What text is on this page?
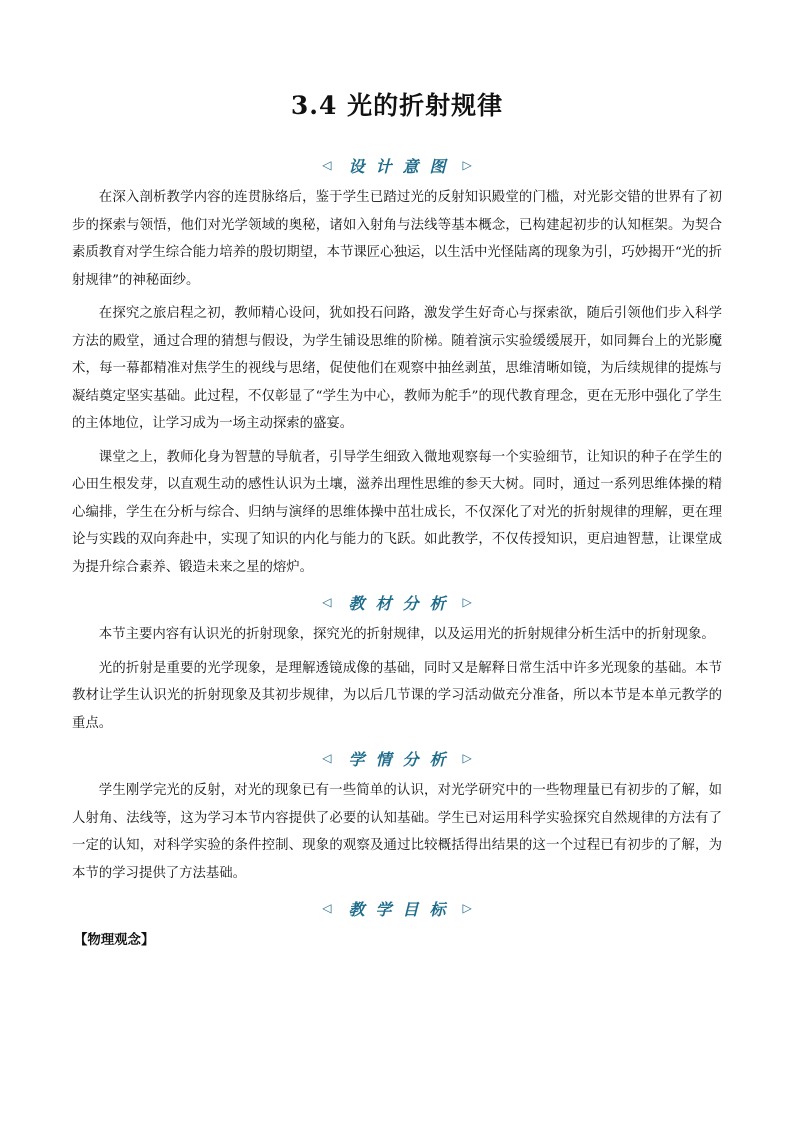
3.4 光的折射规律
◁	设计意图 ▷

在深入剖析教学内容的连贯脉络后，鉴于学生已踏过光的反射知识殿堂的门槛，对光影交错的世界有了初步的探索与领悟，他们对光学领域的奥秘，诸如入射角与法线等基本概念，已构建起初步的认知框架。为契合素质教育对学生综合能力培养的殷切期望，本节课匠心独运，以生活中光怪陆离的现象为引，巧妙揭开“光的折射规律”的神秘面纱。

在探究之旅启程之初，教师精心设问，犹如投石问路，激发学生好奇心与探索欲，随后引领他们步入科学方法的殿堂，通过合理的猜想与假设，为学生铺设思维的阶梯。随着演示实验缓缓展开，如同舞台上的光影魔术，每一幕都精准对焦学生的视线与思绪，促使他们在观察中抽丝剥茧，思维清晰如镜，为后续规律的提炼与凝结奠定坚实基础。此过程，不仅彰显了“学生为中心，教师为舵手”的现代教育理念，更在无形中强化了学生的主体地位，让学习成为一场主动探索的盛宴。

课堂之上，教师化身为智慧的导航者，引导学生细致入微地观察每一个实验细节，让知识的种子在学生的心田生根发芽，以直观生动的感性认识为土壤，滋养出理性思维的参天大树。同时，通过一系列思维体操的精心编排，学生在分析与综合、归纳与演绎的思维体操中茁壮成长，不仅深化了对光的折射规律的理解，更在理论与实践的双向奔赴中，实现了知识的内化与能力的飞跃。如此教学，不仅传授知识，更启迪智慧，让课堂成为提升综合素养、锻造未来之星的熔炉。

◁	教材分析 ▷

本节主要内容有认识光的折射现象，探究光的折射规律，以及运用光的折射规律分析生活中的折射现象。

光的折射是重要的光学现象，是理解透镜成像的基础，同时又是解释日常生活中许多光现象的基础。本节教材让学生认识光的折射现象及其初步规律，为以后几节课的学习活动做充分准备，所以本节是本单元教学的重点。

◁	学情分析 ▷

学生刚学完光的反射，对光的现象已有一些简单的认识，对光学研究中的一些物理量已有初步的了解，如人射角、法线等，这为学习本节内容提供了必要的认知基础。学生已对运用科学实验探究自然规律的方法有了一定的认知，对科学实验的条件控制、现象的观察及通过比较概括得出结果的这一个过程已有初步的了解，为本节的学习提供了方法基础。

◁	教学目标 ▷
【物理观念】
